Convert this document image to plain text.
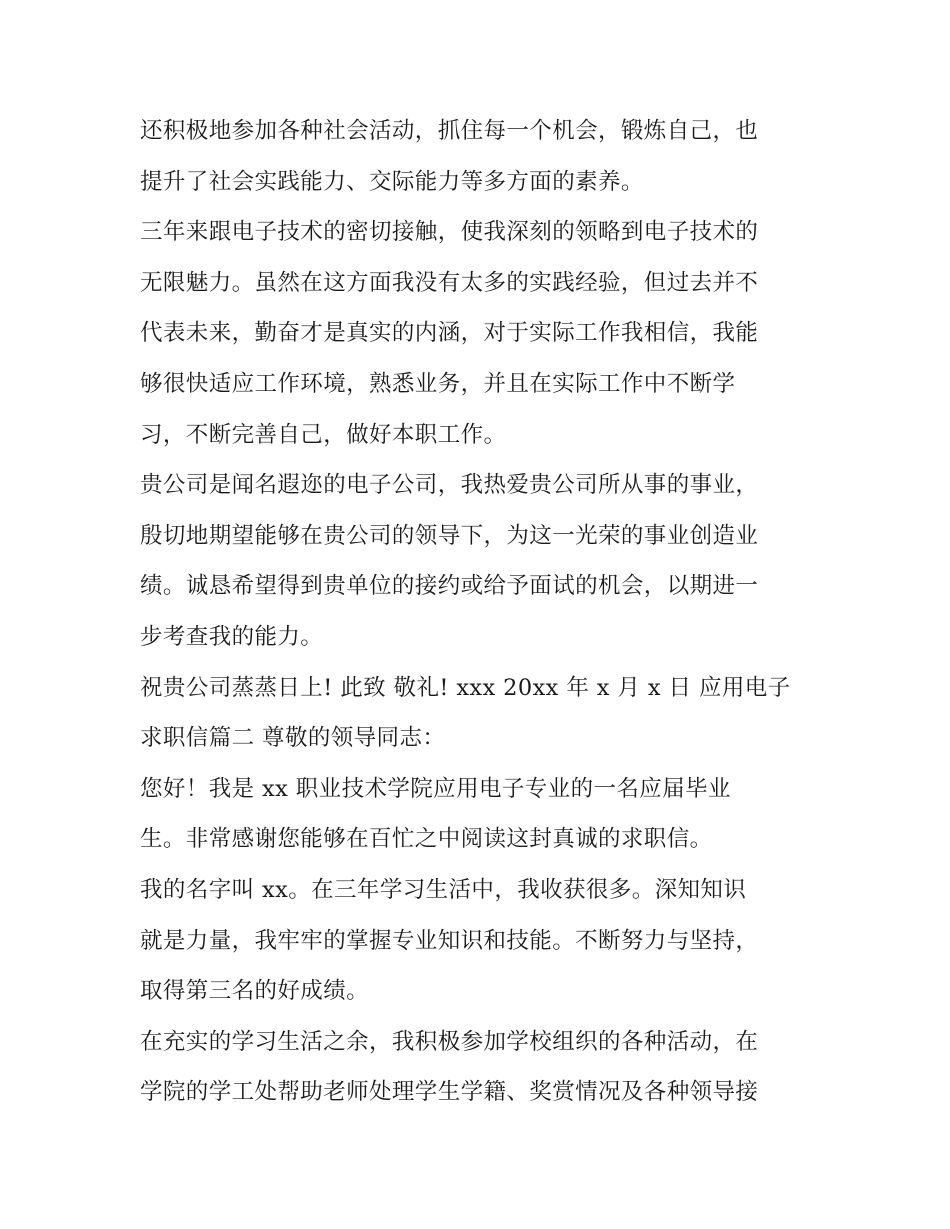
还积极地参加各种社会活动，抓住每一个机会，锻炼自己，也
提升了社会实践能力、交际能力等多方面的素养。
三年来跟电子技术的密切接触，使我深刻的领略到电子技术的
无限魅力。虽然在这方面我没有太多的实践经验，但过去并不
代表未来，勤奋才是真实的内涵，对于实际工作我相信，我能
够很快适应工作环境，熟悉业务，并且在实际工作中不断学
习，不断完善自己，做好本职工作。
贵公司是闻名遐迩的电子公司，我热爱贵公司所从事的事业，
殷切地期望能够在贵公司的领导下，为这一光荣的事业创造业
绩。诚恳希望得到贵单位的接约或给予面试的机会，以期进一
步考查我的能力。
祝贵公司蒸蒸日上! 此致 敬礼! xxx 20xx 年 x 月 x 日 应用电子
求职信篇二 尊敬的领导同志：
您好！我是 xx 职业技术学院应用电子专业的一名应届毕业
生。非常感谢您能够在百忙之中阅读这封真诚的求职信。
我的名字叫 xx。在三年学习生活中，我收获很多。深知知识
就是力量，我牢牢的掌握专业知识和技能。不断努力与坚持，
取得第三名的好成绩。
在充实的学习生活之余，我积极参加学校组织的各种活动，在
学院的学工处帮助老师处理学生学籍、奖赏情况及各种领导接
